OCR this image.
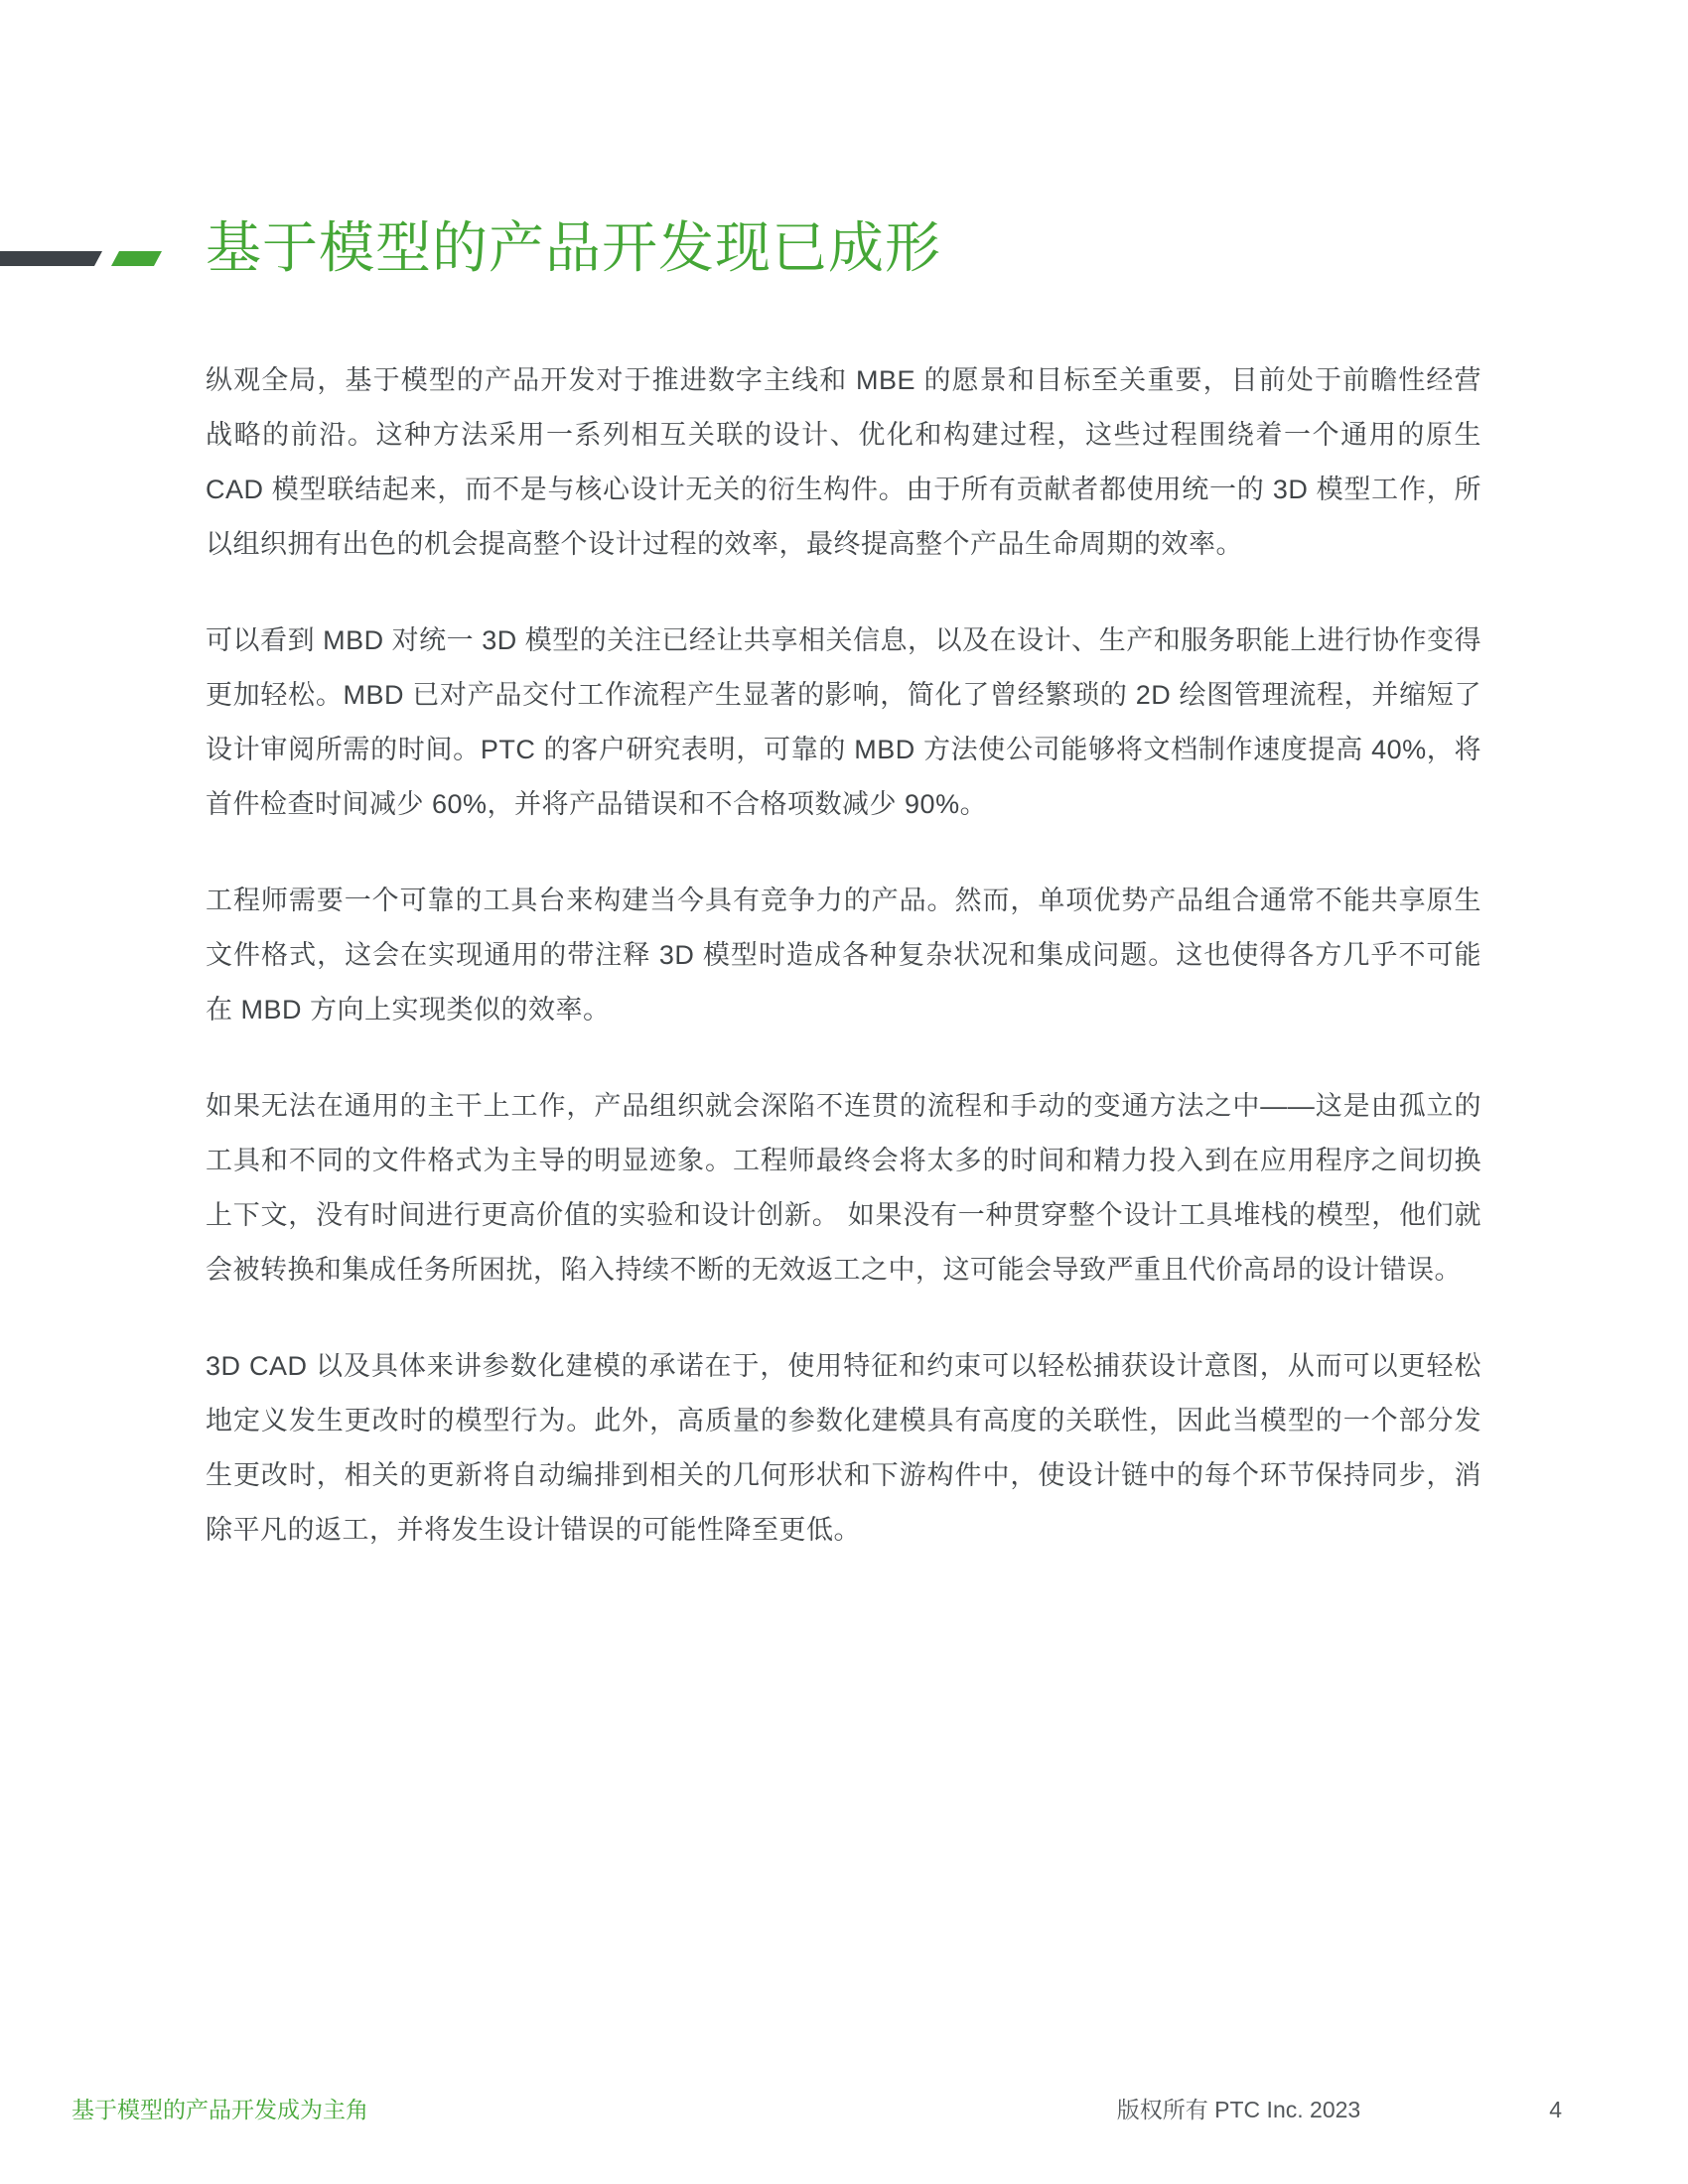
基于模型的产品开发现已成形

纵观全局，基于模型的产品开发对于推进数字主线和 MBE 的愿景和目标至关重要，目前处于前瞻性经营战略的前沿。这种方法采用一系列相互关联的设计、优化和构建过程，这些过程围绕着一个通用的原生 CAD 模型联结起来，而不是与核心设计无关的衍生构件。由于所有贡献者都使用统一的 3D 模型工作，所以组织拥有出色的机会提高整个设计过程的效率，最终提高整个产品生命周期的效率。

可以看到 MBD 对统一 3D 模型的关注已经让共享相关信息，以及在设计、生产和服务职能上进行协作变得更加轻松。MBD 已对产品交付工作流程产生显著的影响，简化了曾经繁琐的 2D 绘图管理流程，并缩短了设计审阅所需的时间。PTC 的客户研究表明，可靠的 MBD 方法使公司能够将文档制作速度提高 40%，将首件检查时间减少 60%，并将产品错误和不合格项数减少 90%。

工程师需要一个可靠的工具台来构建当今具有竞争力的产品。然而，单项优势产品组合通常不能共享原生文件格式，这会在实现通用的带注释 3D 模型时造成各种复杂状况和集成问题。这也使得各方几乎不可能在 MBD 方向上实现类似的效率。

如果无法在通用的主干上工作，产品组织就会深陷不连贯的流程和手动的变通方法之中——这是由孤立的工具和不同的文件格式为主导的明显迹象。工程师最终会将太多的时间和精力投入到在应用程序之间切换上下文，没有时间进行更高价值的实验和设计创新。 如果没有一种贯穿整个设计工具堆栈的模型，他们就会被转换和集成任务所困扰，陷入持续不断的无效返工之中，这可能会导致严重且代价高昂的设计错误。

3D CAD 以及具体来讲参数化建模的承诺在于，使用特征和约束可以轻松捕获设计意图，从而可以更轻松地定义发生更改时的模型行为。此外，高质量的参数化建模具有高度的关联性，因此当模型的一个部分发生更改时，相关的更新将自动编排到相关的几何形状和下游构件中，使设计链中的每个环节保持同步，消除平凡的返工，并将发生设计错误的可能性降至更低。

基于模型的产品开发成为主角	版权所有 PTC Inc. 2023	4
